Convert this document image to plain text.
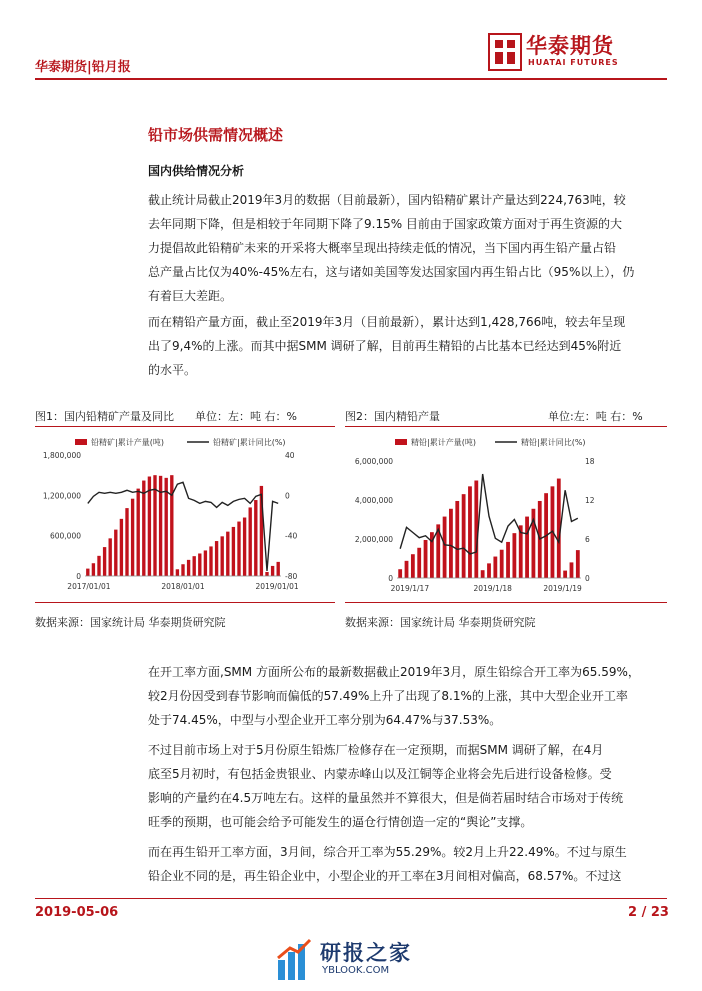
华泰期货|铅月报
华泰期货
HUATAI FUTURES
铅市场供需情况概述
国内供给情况分析
截止统计局截止2019年3月的数据（目前最新），国内铅精矿累计产量达到224,763吨，较
去年同期下降，但是相较于年同期下降了9.15% 目前由于国家政策方面对于再生资源的大
力提倡故此铅精矿未来的开采将大概率呈现出持续走低的情况，当下国内再生铅产量占铅
总产量占比仅为40%-45%左右，这与诸如美国等发达国家国内再生铅占比（95%以上），仍
有着巨大差距。
而在精铅产量方面，截止至2019年3月（目前最新），累计达到1,428,766吨，较去年呈现
出了9,4%的上涨。而其中据SMM 调研了解，目前再生精铅的占比基本已经达到45%附近
的水平。
图1：国内铅精矿产量及同比 单位：左：吨 右：%
铅精矿|累计产量(吨)	铅精矿|累计同比(%)
1,800,000
1,200,000
600,000
0
40
0
-40
-80
2017/01/01	2018/01/01	2019/01/01
数据来源：国家统计局 华泰期货研究院
图2：国内精铅产量	单位:左：吨 右：%
精铅|累计产量(吨)	精铅|累计同比(%)
6,000,000
4,000,000
2,000,000
0
18
12
6
0
2019/1/17	2019/1/18	2019/1/19
数据来源：国家统计局 华泰期货研究院
在开工率方面,SMM 方面所公布的最新数据截止2019年3月，原生铅综合开工率为65.59%，
较2月份因受到春节影响而偏低的57.49%上升了出现了8.1%的上涨，其中大型企业开工率
处于74.45%，中型与小型企业开工率分别为64.47%与37.53%。
不过目前市场上对于5月份原生铅炼厂检修存在一定预期，而据SMM 调研了解，在4月
底至5月初时，有包括金贵银业、内蒙赤峰山以及江铜等企业将会先后进行设备检修。受
影响的产量约在4.5万吨左右。这样的量虽然并不算很大，但是倘若届时结合市场对于传统
旺季的预期，也可能会给予可能发生的逼仓行情创造一定的“舆论”支撑。
而在再生铅开工率方面，3月间，综合开工率为55.29%。较2月上升22.49%。不过与原生
铅企业不同的是，再生铅企业中，小型企业的开工率在3月间相对偏高，68.57%。不过这
2019-05-06	2 / 23
研报之家
YBLOOK.COM
